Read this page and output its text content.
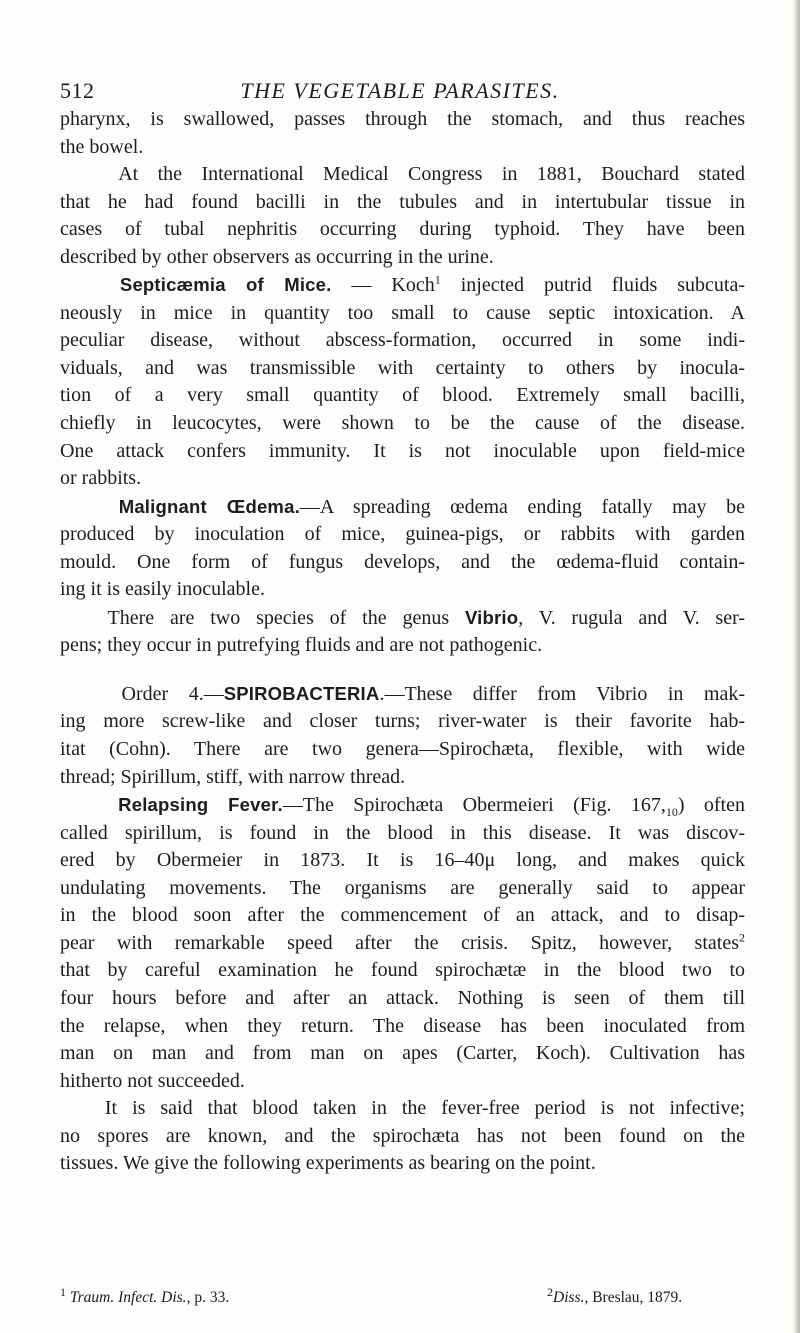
512	THE VEGETABLE PARASITES.

pharynx, is swallowed, passes through the stomach, and thus reaches

the bowel.

At the International Medical Congress in 1881, Bouchard stated

that he had found bacilli in the tubules and in intertubular tissue in

cases of tubal nephritis occurring during typhoid. They have been

described by other observers as occurring in the urine.

Septicæmia of Mice. — Koch$^1$ injected putrid fluids subcuta-

neously in mice in quantity too small to cause septic intoxication. A

peculiar disease, without abscess-formation, occurred in some indi-

viduals, and was transmissible with certainty to others by inocula-

tion of a very small quantity of blood. Extremely small bacilli,

chiefly in leucocytes, were shown to be the cause of the disease.

One attack confers immunity. It is not inoculable upon field-mice

or rabbits.

Malignant Œdema.—A spreading œdema ending fatally may be

produced by inoculation of mice, guinea-pigs, or rabbits with garden

mould. One form of fungus develops, and the œdema-fluid contain-

ing it is easily inoculable.

There are two species of the genus Vibrio, V. rugula and V. ser-

pens; they occur in putrefying fluids and are not pathogenic.

Order 4.—SPIROBACTERIA.—These differ from Vibrio in mak-

ing more screw-like and closer turns; river-water is their favorite hab-

itat (Cohn). There are two genera—Spirochæta, flexible, with wide

thread; Spirillum, stiff, with narrow thread.

Relapsing Fever.—The Spirochæta Obermeieri (Fig. $167,_{10}$) often

called spirillum, is found in the blood in this disease. It was discov-

ered by Obermeier in 1873. It is 16–40μ long, and makes quick

undulating movements. The organisms are generally said to appear

in the blood soon after the commencement of an attack, and to disap-

pear with remarkable speed after the crisis. Spitz, however, states$^2$

that by careful examination he found spirochætæ in the blood two to

four hours before and after an attack. Nothing is seen of them till

the relapse, when they return. The disease has been inoculated from

man on man and from man on apes (Carter, Koch). Cultivation has

hitherto not succeeded.

It is said that blood taken in the fever-free period is not infective;

no spores are known, and the spirochæta has not been found on the

tissues. We give the following experiments as bearing on the point.

$^1$ Traum. Infect. Dis., p. 33.	$^2$Diss., Breslau, 1879.
